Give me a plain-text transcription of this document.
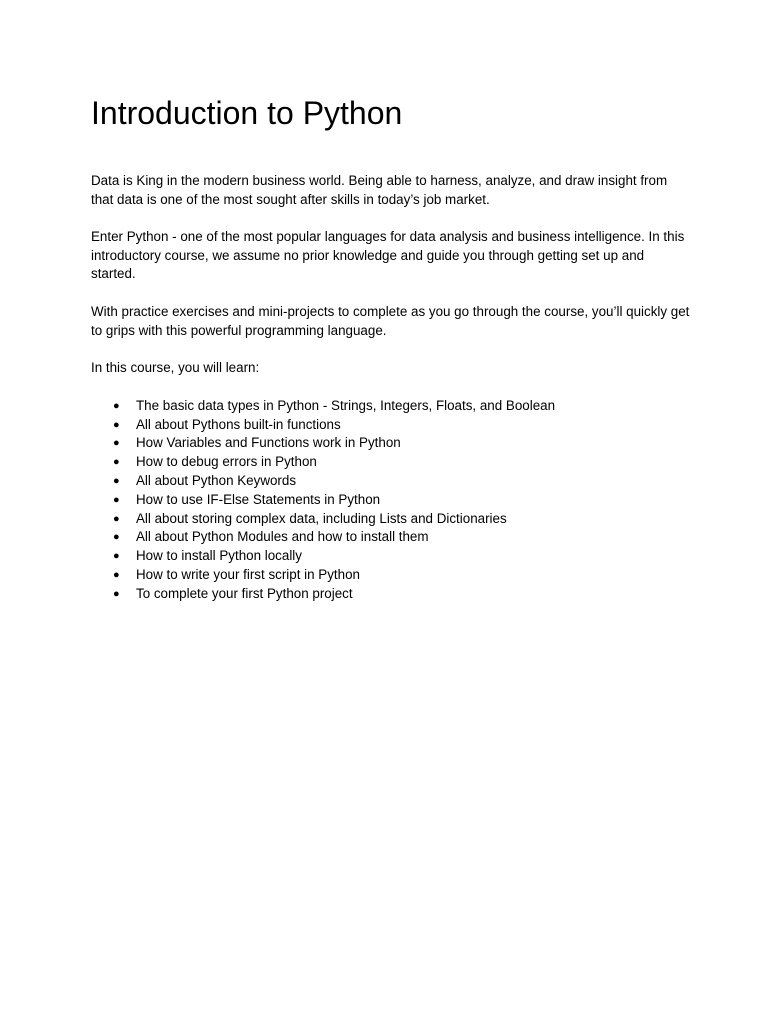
Introduction to Python

Data is King in the modern business world. Being able to harness, analyze, and draw insight from that data is one of the most sought after skills in today’s job market.

Enter Python - one of the most popular languages for data analysis and business intelligence. In this introductory course, we assume no prior knowledge and guide you through getting set up and started.

With practice exercises and mini-projects to complete as you go through the course, you’ll quickly get to grips with this powerful programming language.

In this course, you will learn:

● The basic data types in Python - Strings, Integers, Floats, and Boolean
● All about Pythons built-in functions
● How Variables and Functions work in Python
● How to debug errors in Python
● All about Python Keywords
● How to use IF-Else Statements in Python
● All about storing complex data, including Lists and Dictionaries
● All about Python Modules and how to install them
● How to install Python locally
● How to write your first script in Python
● To complete your first Python project
